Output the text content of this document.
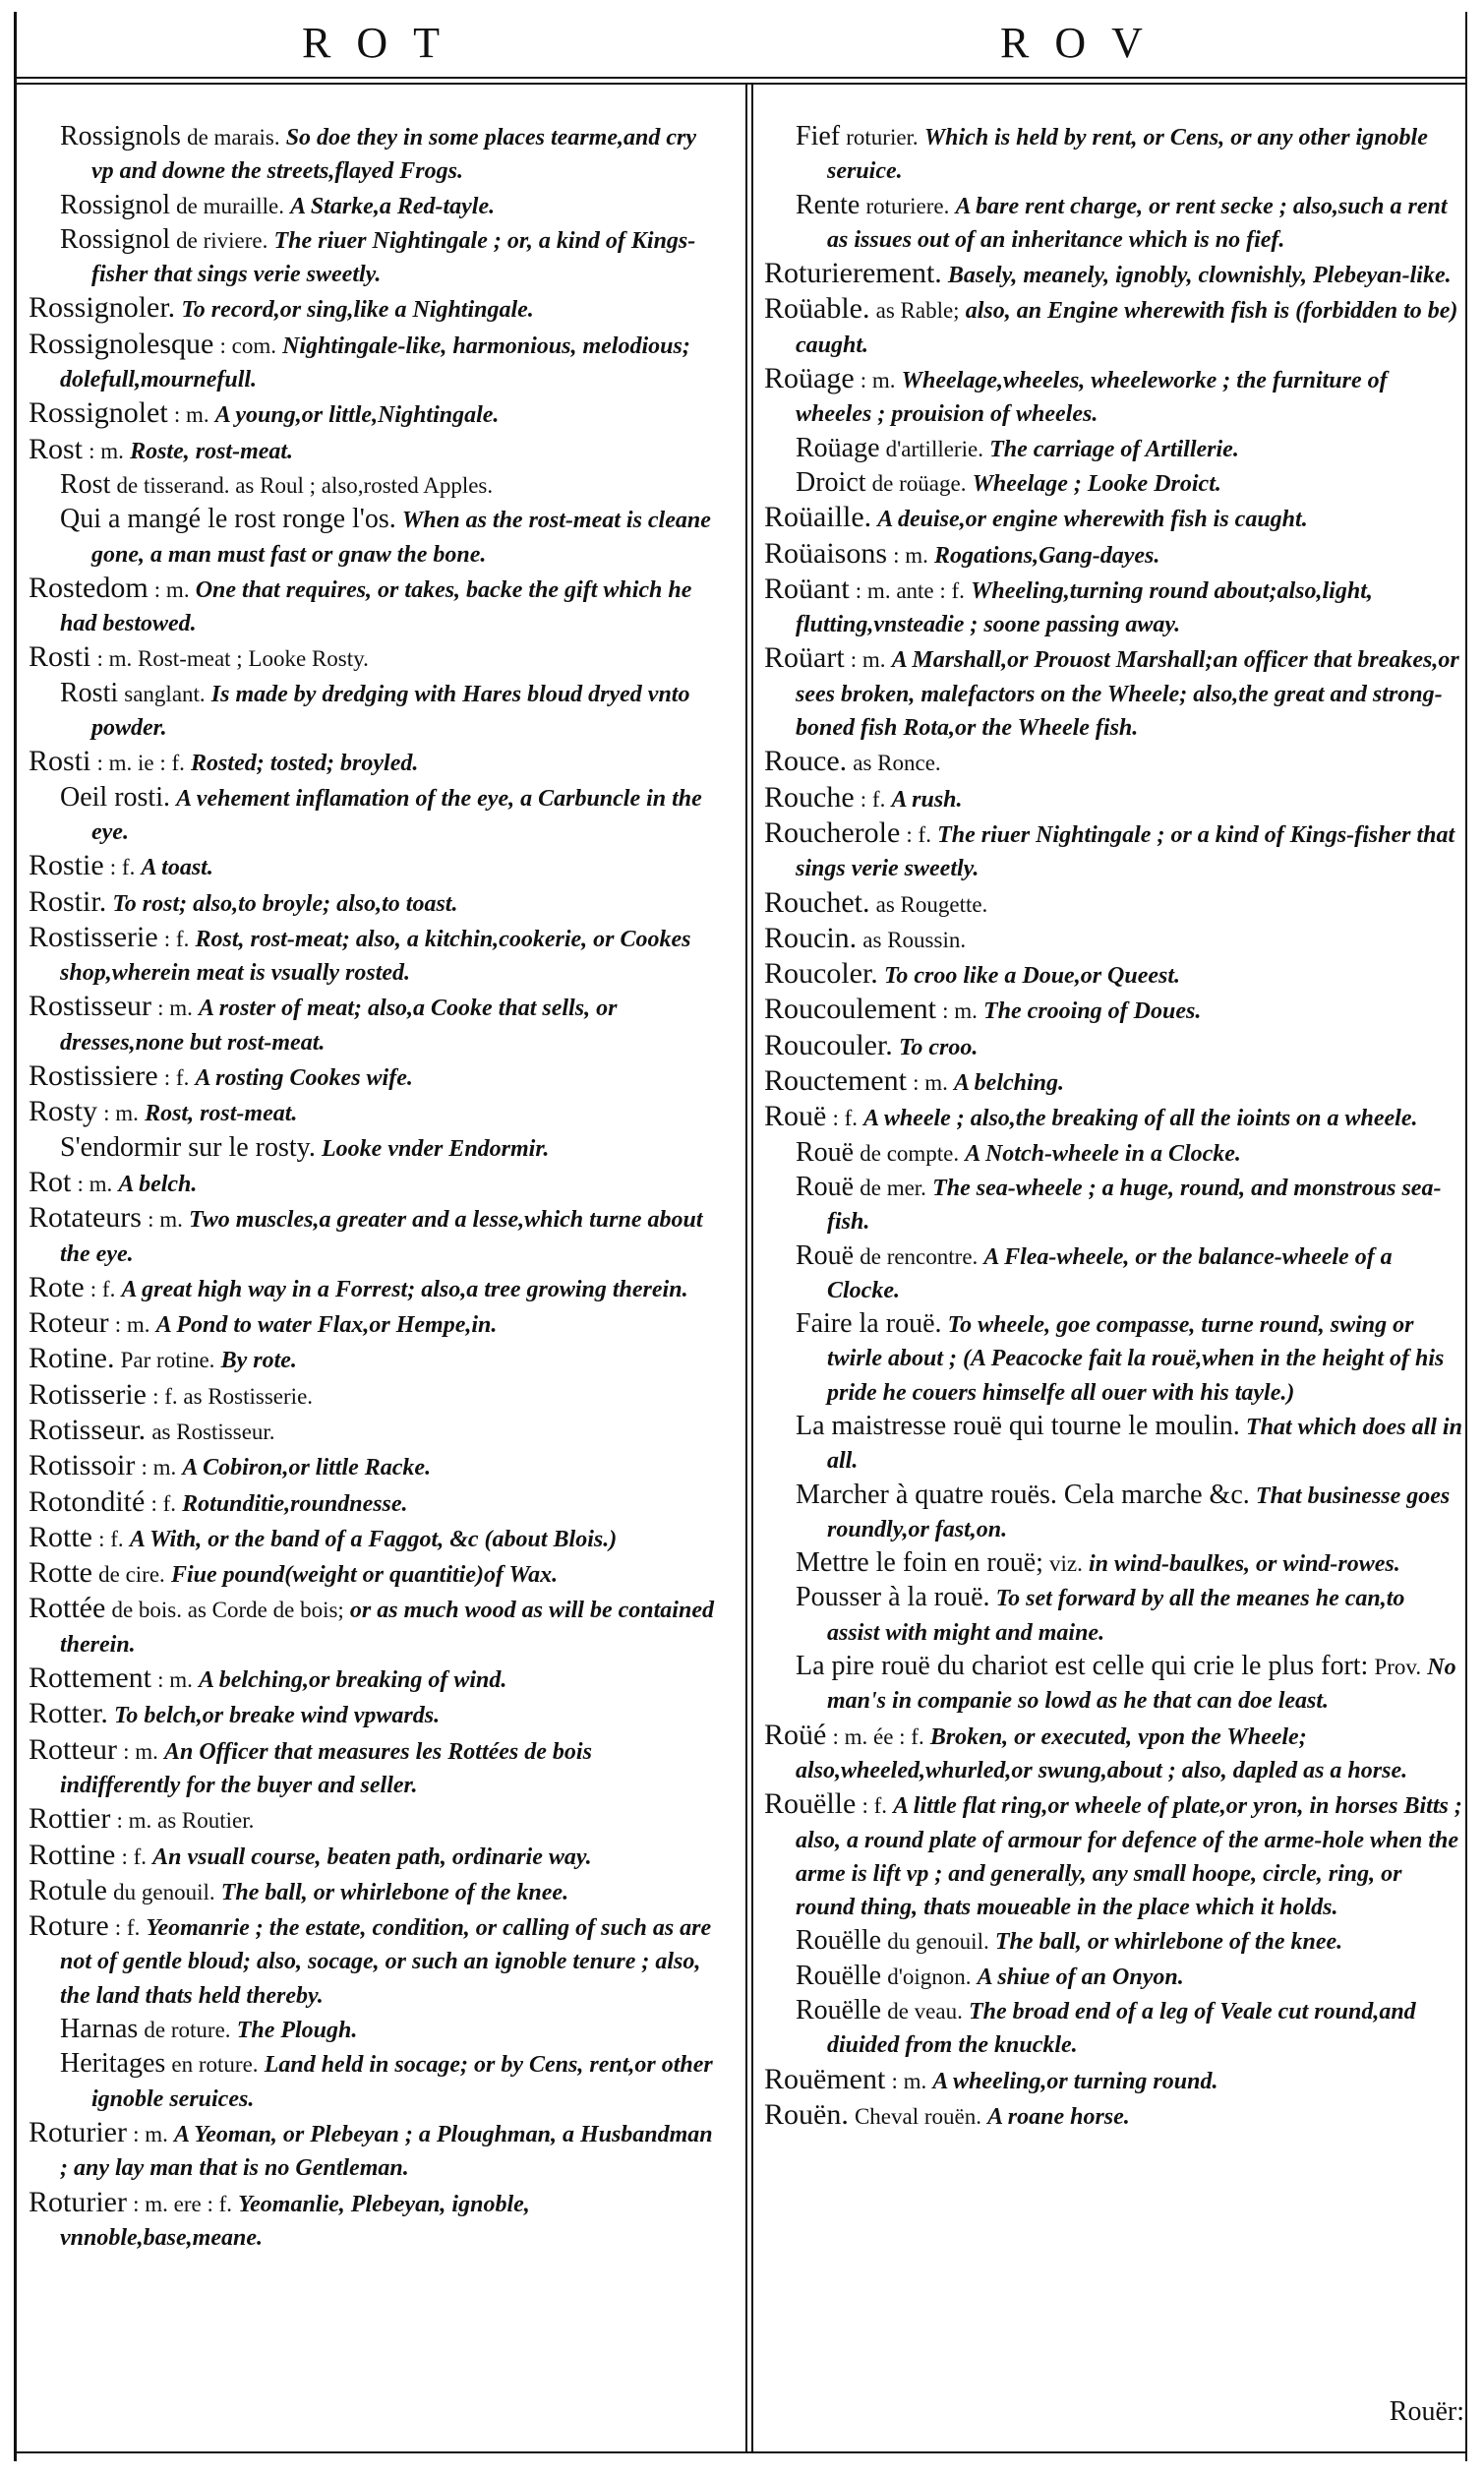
ROT	ROV
Rossignols de marais. So doe they in some places tearme,and cry vp and downe the streets,flayed Frogs.
Rossignol de muraille. A Starke,a Red-tayle.
Rossignol de riviere. The riuer Nightingale ; or, a kind of Kings-fisher that sings verie sweetly.
Rossignoler. To record,or sing,like a Nightingale.
Rossignolesque : com. Nightingale-like, harmonious, melodious; dolefull,mournefull.
Rossignolet : m. A young,or little,Nightingale.
Rost : m. Roste, rost-meat.
Rost de tisserand. as Roul ; also,rosted Apples.
Qui a mangé le rost ronge l'os. When as the rost-meat is cleane gone, a man must fast or gnaw the bone.
Rostedom : m. One that requires, or takes, backe the gift which he had bestowed.
Rosti : m. Rost-meat ; Looke Rosty.
Rosti sanglant. Is made by dredging with Hares bloud dryed vnto powder.
Rosti : m. ie : f. Rosted; tosted; broyled.
Oeil rosti. A vehement inflamation of the eye, a Carbuncle in the eye.
Rostie : f. A toast.
Rostir. To rost; also,to broyle; also,to toast.
Rostisserie : f. Rost, rost-meat; also, a kitchin,cookerie, or Cookes shop,wherein meat is vsually rosted.
Rostisseur : m. A roster of meat; also,a Cooke that sells, or dresses,none but rost-meat.
Rostissiere : f. A rosting Cookes wife.
Rosty : m. Rost, rost-meat.
S'endormir sur le rosty. Looke vnder Endormir.
Rot : m. A belch.
Rotateurs : m. Two muscles,a greater and a lesse,which turne about the eye.
Rote : f. A great high way in a Forrest; also,a tree growing therein.
Roteur : m. A Pond to water Flax,or Hempe,in.
Rotine. Par rotine. By rote.
Rotisserie : f. as Rostisserie.
Rotisseur. as Rostisseur.
Rotissoir : m. A Cobiron,or little Racke.
Rotondité : f. Rotunditie,roundnesse.
Rotte : f. A With, or the band of a Faggot, &c (about Blois.)
Rotte de cire. Fiue pound(weight or quantitie)of Wax.
Rottée de bois. as Corde de bois; or as much wood as will be contained therein.
Rottement : m. A belching,or breaking of wind.
Rotter. To belch,or breake wind vpwards.
Rotteur : m. An Officer that measures les Rottées de bois indifferently for the buyer and seller.
Rottier : m. as Routier.
Rottine : f. An vsuall course, beaten path, ordinarie way.
Rotule du genouil. The ball, or whirlebone of the knee.
Roture : f. Yeomanrie ; the estate, condition, or calling of such as are not of gentle bloud; also, socage, or such an ignoble tenure ; also, the land thats held thereby.
Harnas de roture. The Plough.
Heritages en roture. Land held in socage; or by Cens, rent,or other ignoble seruices.
Roturier : m. A Yeoman, or Plebeyan ; a Ploughman, a Husbandman ; any lay man that is no Gentleman.
Roturier : m. ere : f. Yeomanlie, Plebeyan, ignoble, vnnoble,base,meane.
Fief roturier. Which is held by rent, or Cens, or any other ignoble seruice.
Rente roturiere. A bare rent charge, or rent secke ; also,such a rent as issues out of an inheritance which is no fief.
Roturierement. Basely, meanely, ignobly, clownishly, Plebeyan-like.
Roüable. as Rable; also, an Engine wherewith fish is (forbidden to be) caught.
Roüage : m. Wheelage,wheeles, wheeleworke ; the furniture of wheeles ; prouision of wheeles.
Roüage d'artillerie. The carriage of Artillerie.
Droict de roüage. Wheelage ; Looke Droict.
Roüaille. A deuise,or engine wherewith fish is caught.
Roüaisons : m. Rogations,Gang-dayes.
Roüant : m. ante : f. Wheeling,turning round about;also,light, flutting,vnsteadie ; soone passing away.
Roüart : m. A Marshall,or Prouost Marshall;an officer that breakes,or sees broken, malefactors on the Wheele; also,the great and strong-boned fish Rota,or the Wheele fish.
Rouce. as Ronce.
Rouche : f. A rush.
Roucherole : f. The riuer Nightingale ; or a kind of Kings-fisher that sings verie sweetly.
Rouchet. as Rougette.
Roucin. as Roussin.
Roucoler. To croo like a Doue,or Queest.
Roucoulement : m. The crooing of Doues.
Roucouler. To croo.
Rouctement : m. A belching.
Rouë : f. A wheele ; also,the breaking of all the ioints on a wheele.
Rouë de compte. A Notch-wheele in a Clocke.
Rouë de mer. The sea-wheele ; a huge, round, and monstrous sea-fish.
Rouë de rencontre. A Flea-wheele, or the balance-wheele of a Clocke.
Faire la rouë. To wheele, goe compasse, turne round, swing or twirle about ; (A Peacocke fait la rouë,when in the height of his pride he couers himselfe all ouer with his tayle.)
La maistresse rouë qui tourne le moulin. That which does all in all.
Marcher à quatre rouës. Cela marche &c. That businesse goes roundly,or fast,on.
Mettre le foin en rouë; viz. in wind-baulkes, or wind-rowes.
Pousser à la rouë. To set forward by all the meanes he can,to assist with might and maine.
La pire rouë du chariot est celle qui crie le plus fort: Prov. No man's in companie so lowd as he that can doe least.
Roüé : m. ée : f. Broken, or executed, vpon the Wheele; also,wheeled,whurled,or swung,about ; also, dapled as a horse.
Rouëlle : f. A little flat ring,or wheele of plate,or yron, in horses Bitts ; also, a round plate of armour for defence of the arme-hole when the arme is lift vp ; and generally, any small hoope, circle, ring, or round thing, thats moueable in the place which it holds.
Rouëlle du genouil. The ball, or whirlebone of the knee.
Rouëlle d'oignon. A shiue of an Onyon.
Rouëlle de veau. The broad end of a leg of Veale cut round,and diuided from the knuckle.
Rouëment : m. A wheeling,or turning round.
Rouën. Cheval rouën. A roane horse.
Rouër:
